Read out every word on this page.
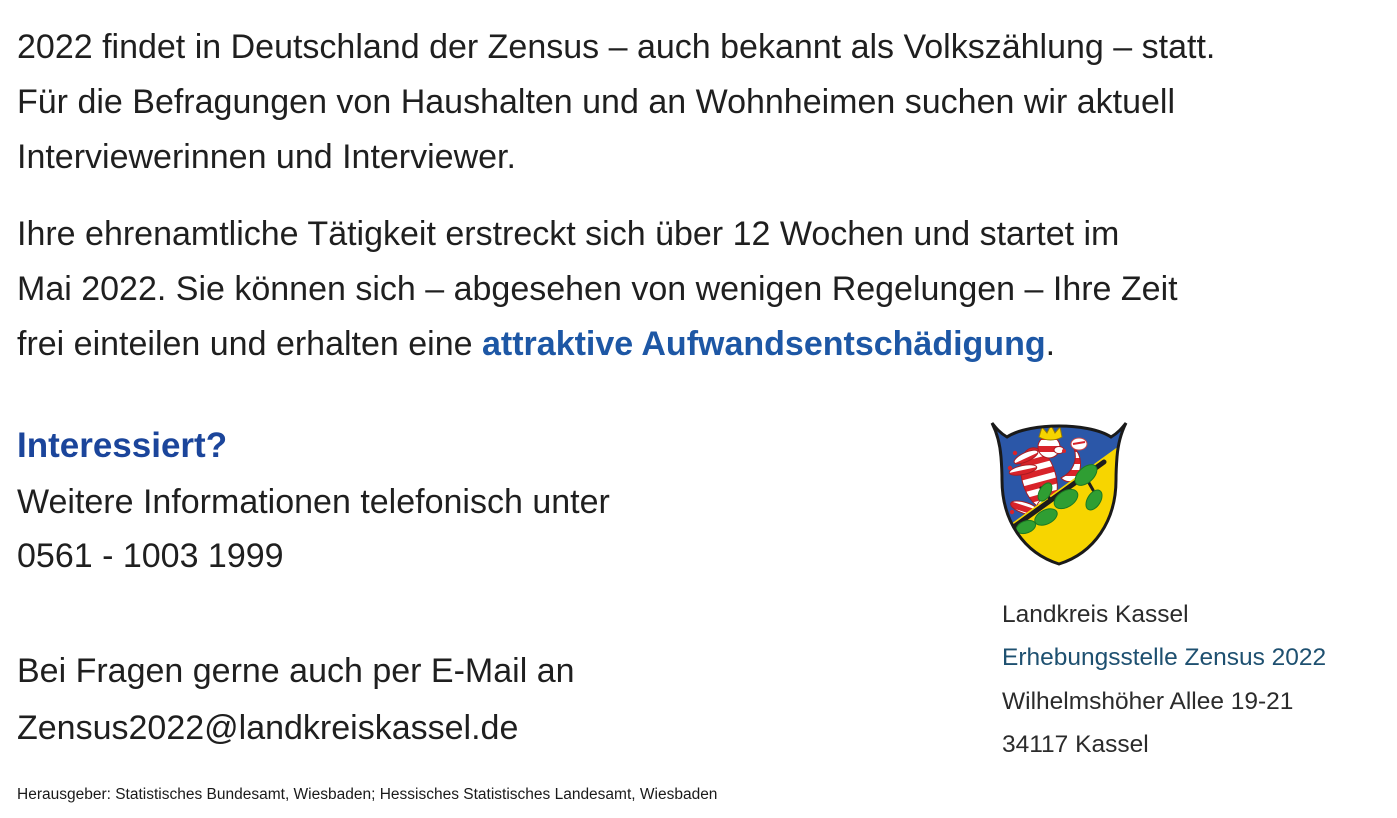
2022 findet in Deutschland der Zensus – auch bekannt als Volkszählung – statt.
Für die Befragungen von Haushalten und an Wohnheimen suchen wir aktuell
Interviewerinnen und Interviewer.
Ihre ehrenamtliche Tätigkeit erstreckt sich über 12 Wochen und startet im
Mai 2022. Sie können sich – abgesehen von wenigen Regelungen – Ihre Zeit
frei einteilen und erhalten eine attraktive Aufwandsentschädigung.
Interessiert?
Weitere Informationen telefonisch unter
0561 - 1003 1999
Bei Fragen gerne auch per E-Mail an
Zensus2022@landkreiskassel.de
Herausgeber: Statistisches Bundesamt, Wiesbaden; Hessisches Statistisches Landesamt, Wiesbaden
Landkreis Kassel
Erhebungsstelle Zensus 2022
Wilhelmshöher Allee 19-21
34117 Kassel
